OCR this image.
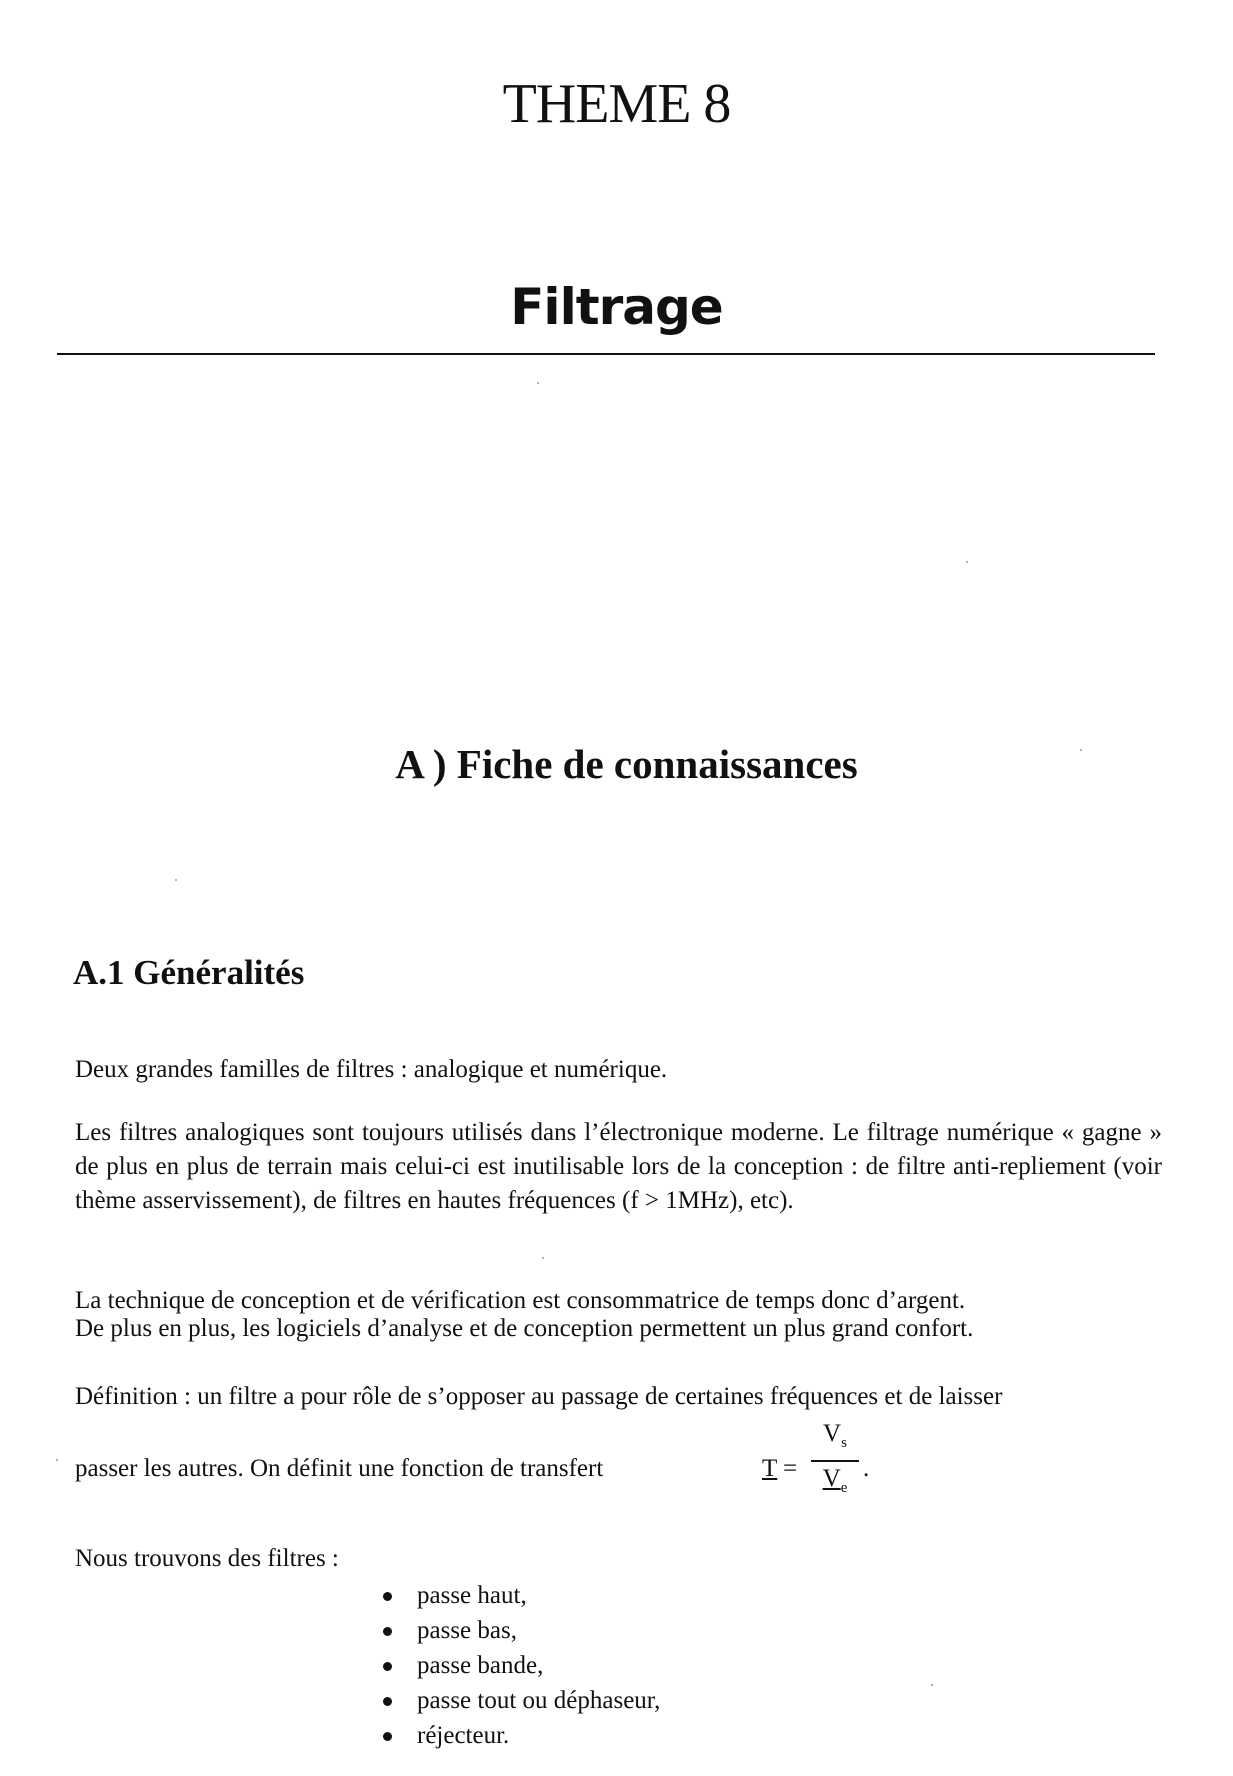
THEME 8
Filtrage
A ) Fiche de connaissances
A.1 Généralités
Deux grandes familles de filtres : analogique et numérique.
Les filtres analogiques sont toujours utilisés dans l’électronique moderne. Le filtrage numérique « gagne » de plus en plus de terrain mais celui-ci est inutilisable lors de la conception : de filtre anti-repliement (voir thème asservissement), de filtres en hautes fréquences (f > 1MHz), etc).
La technique de conception et de vérification est consommatrice de temps donc d’argent.
De plus en plus, les logiciels d’analyse et de conception permettent un plus grand confort.
Définition : un filtre a pour rôle de s’opposer au passage de certaines fréquences et de laisser
passer les autres. On définit une fonction de transfert	T =
$V_s$
$V_e$
.
Nous trouvons des filtres :
passe haut,
passe bas,
passe bande,
passe tout ou déphaseur,
réjecteur.
